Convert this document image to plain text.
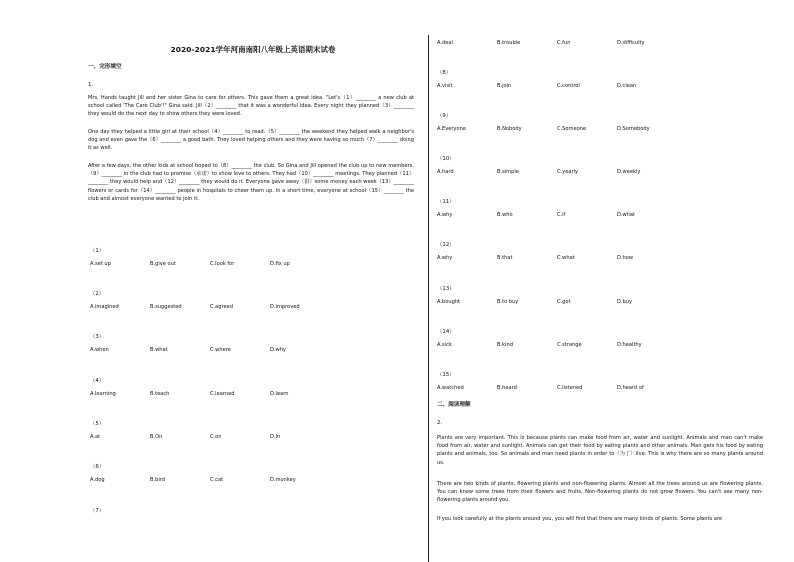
2020-2021学年河南南阳八年级上英语期末试卷
一、完形填空
1.
Mrs. Hands taught Jill and her sister Gina to care for others. This gave them a great idea. "Let's（1）________ a new club at school called 'The Care Club'!" Gina said. Jill（2）________ that it was a wonderful idea. Every night they planned（3）________ they would do the next day to show others they were loved.
One day they helped a little girl at their school（4）________ to read.（5）________ the weekend they helped walk a neighbor's dog and even gave the（6）________ a good bath. They loved helping others and they were having so much（7）________ doing it as well.
After a few days, the other kids at school hoped to（8）________ the club. So Gina and Jill opened the club up to new members.（9）________ in the club had to promise（承诺）to show love to others. They had（10）________ meetings. They planned（11）________ they would help and（12）________ they would do it. Everyone gave away（捐）some money each week（13）________ flowers or cards for（14）________ people in hospitals to cheer them up. In a short time, everyone at school（15）________ the club and almost everyone wanted to join it.
（1）
A.set up	B.give out	C.look for	D.fix up
（2）
A.imagined	B.suggested	C.agreed	D.improved
（3）
A.when	B.what	C.where	D.why
（4）
A.learning	B.teach	C.learned	D.learn
（5）
A.at	B.On	C.on	D.In
（6）
A.dog	B.bird	C.cat	D.monkey
（7）
A.deal	B.trouble	C.fun	D.difficulty
（8）
A.visit	B.join	C.control	D.clean
（9）
A.Everyone	B.Nobody	C.Someone	D.Somebody
（10）
A.hard	B.simple	C.yearly	D.weekly
（11）
A.why	B.who	C.if	D.what
（12）
A.why	B.that	C.what	D.how
（13）
A.bought	B.to buy	C.got	D.buy
（14）
A.sick	B.kind	C.strange	D.healthy
（15）
A.watched	B.heard	C.listened	D.heard of
二、阅读理解
2.
Plants are very important. This is because plants can make food from air, water and sunlight. Animals and man can't make food from air, water and sunlight. Animals can get their food by eating plants and other animals. Man gets his food by eating plants and animals, too. So animals and man need plants in order to（为了）live. This is why there are so many plants around us.
There are two kinds of plants, flowering plants and non-flowering plants. Almost all the trees around us are flowering plants. You can know some trees from their flowers and fruits. Non-flowering plants do not grow flowers. You can't see many non-flowering plants around you.
If you look carefully at the plants around you, you will find that there are many kinds of plants. Some plants are
